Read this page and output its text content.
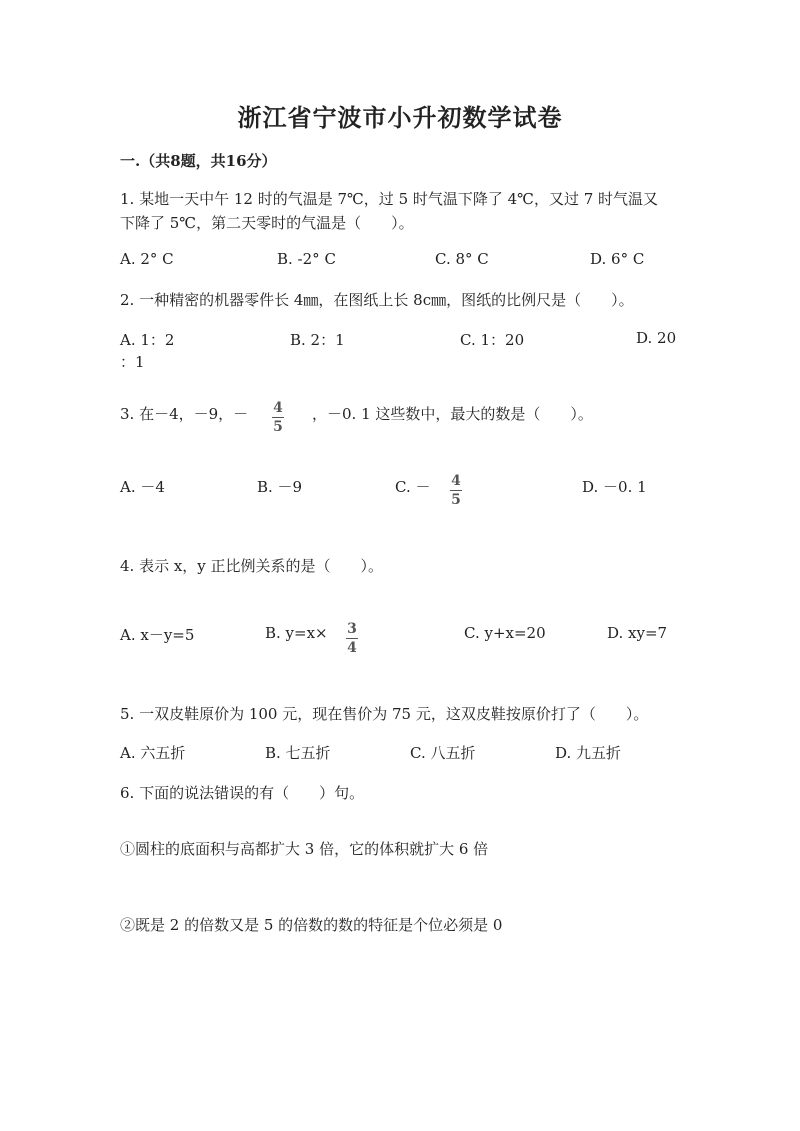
浙江省宁波市小升初数学试卷
一.（共8题，共16分）
1. 某地一天中午 12 时的气温是 7℃，过 5 时气温下降了 4℃，又过 7 时气温又
下降了 5℃，第二天零时的气温是（　　）。
A. 2° C	B. -2° C	C. 8° C	D. 6° C
2. 一种精密的机器零件长 4㎜，在图纸上长 8c㎜，图纸的比例尺是（　　）。
A. 1：2	B. 2：1	C. 1：20	D. 20
：1
3. 在－4，－9，－ $\frac{4}{5}$ ，－0. 1 这些数中，最大的数是（　　）。
A. －4	B. －9	C. － $\frac{4}{5}$	D. －0. 1
4. 表示 x，y 正比例关系的是（　　）。
A. x－y=5	B. $y=x\times \frac{3}{4}$	C. y+x=20	D. xy=7
5. 一双皮鞋原价为 100 元，现在售价为 75 元，这双皮鞋按原价打了（　　）。
A. 六五折	B. 七五折	C. 八五折	D. 九五折
6. 下面的说法错误的有（　　）句。
①圆柱的底面积与高都扩大 3 倍，它的体积就扩大 6 倍
②既是 2 的倍数又是 5 的倍数的数的特征是个位必须是 0
